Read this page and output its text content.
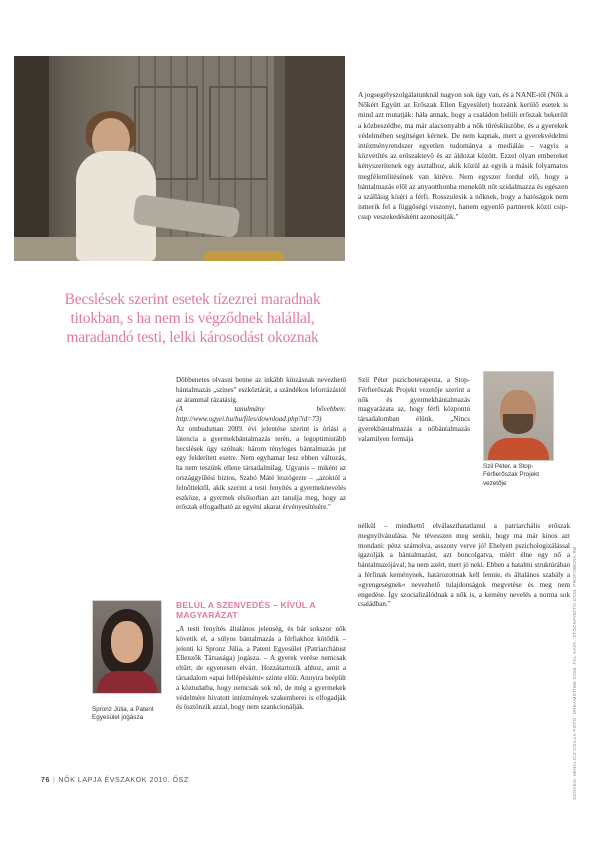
A jogsegélyszolgálatunknál nagyon sok ügy van, és a NANE-től (Nők a Nőkért Együtt az Erőszak Ellen Egyesület) hozzánk kerülő esetek is mind azt mutatják: hála annak, hogy a családon belüli erőszak bekerült a közbeszédbe, ma már alacsonyabb a nők tűrésküszöbe, és a gyerekek védelmében segítséget kérnek. De nem kapnak, mert a gyerekvédelmi intézményrendszer egyetlen tudománya a mediálás – vagyis a közvetítés az erőszaktevő és az áldozat között. Ezzel olyan embereket kényszerítenek egy asztalhoz, akik közül az egyik a másik folyamatos megfélemlítésének van kitéve. Nem egyszer fordul elő, hogy a bántalmazás elől az anyaotthonba menekült nőt szidalmazza és egészen a szállásig kíséri a férfi. Rosszulesik a nőknek, hogy a hatóságok nem ismerik fel a függőségi viszonyt, hanem egyenlő partnerek közti csip-csup veszekedésként azonosítják."
Becslések szerint esetek tízezrei maradnak titokban, s ha nem is végződnek halállal, maradandó testi, lelki károsodást okoznak

Döbbenetes olvasni benne az inkább kínzásnak nevezhető bántalmazás „színes" eszköztárát, a szándékos leforrázástól az árammal rázatásig.

(A tanulmány bővebben: http://www.ogyei.hu/hu/files/download.php?id=73)

Az ombudsman 2009. évi jelentése szerint is óriási a látencia a gyermekbántalmazás terén, a legoptimistább becslések úgy szólnak: három tényleges bántalmazás jut egy felderített esetre. Nem egyhamar lesz ebben változás, ha nem teszünk ellene társadalmilag. Ugyanis – miként az országgyűlési biztos, Szabó Máté leszögezte – „azoktól a felnőttektől, akik szerint a testi fenyítés a gyermeknevelés eszköze, a gyermek elsősorban azt tanulja meg, hogy az erőszak elfogadható az egyéni akarat érvényesítésére."

Szil Péter pszichoterapeuta, a Stop-Férfierőszak Projekt vezetője szerint a nők és gyermekbántalmazás magyarázata az, hogy férfi központú társadalomban élünk. „Nincs gyerekbántalmazás a nőbántalmazás valamilyen formája
Szil Péter, a Stop-Férfierőszak Projekt vezetője
nélkül – mindkettő elválaszthatatlanul a patriarchális erőszak megnyilvánulása. Ne tévesszen meg senkit, hogy ma már kinos azt mondani: pénz számolva, asszony verve jó! Ehelyett pszichologizálással igazolják a bántalmazást, azt boncolgatva, miért élne egy nő a bántalmazójával, ha nem azért, mert jó neki. Ebben a hatalmi struktúrában a férfinak keménynek, határozottnak kell lennie, és általános szabály a »gyengeségnek« nevezhető tulajdonságok megvetése és meg nem engedése. Így szocializálódnak a nők is, a kemény nevelés a norma sok családban."
Spronz Júlia, a Patent Egyesület jogásza
BELÜL A SZENVEDÉS – KÍVÜL A MAGYARÁZAT
„A testi fenyítés általános jelenség, és bár sokszor nők követik el, a súlyos bántalmazás a férfiakhoz kötődik – jelenti ki Spronz Júlia, a Patent Egyesület (Patriarchátust Ellenzők Társasága) jogásza. – A gyerek verése nemcsak eltűrt, de egyenesen elvárt. Hozzátartozik ahhoz, amit a társadalom »apai fellépésként« szinte előír. Annyira beépült a köztudatba, hogy nemcsak sok nő, de még a gyermekek védelmére hivatott intézmények szakemberei is elfogadják és ösztönzik azzal, hogy nem szankcionálják.
76 | NŐK LAPJA ÉVSZAKOK 2010. ŐSZ	SZÖVEG: MIHALICZ CSILLA FOTÓ: DREAMSTIME.COM, FÁL KATA, STOCKPHOTO.COM, PROFIMÉDIA.RB
